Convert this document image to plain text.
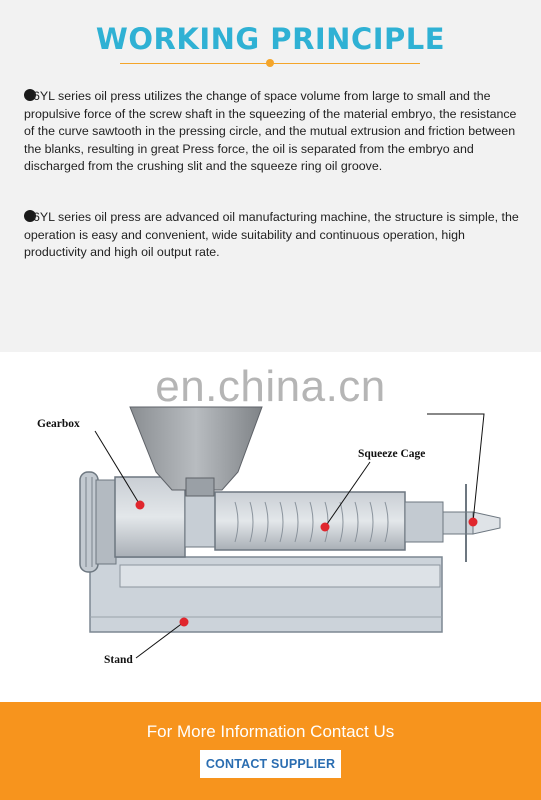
WORKING PRINCIPLE
6YL series oil press utilizes the change of space volume from large to small and the propulsive force of the screw shaft in the squeezing of the material embryo, the resistance of the curve sawtooth in the pressing circle, and the mutual extrusion and friction between the blanks, resulting in great Press force, the oil is separated from the embryo and discharged from the crushing slit and the squeeze ring oil groove.
6YL series oil press are advanced oil manufacturing machine, the structure is simple, the operation is easy and convenient, wide suitability and continuous operation, high productivity and high oil output rate.
en.china.cn
Gearbox
Squeeze Cage
Stand
For More Information Contact Us
CONTACT SUPPLIER
